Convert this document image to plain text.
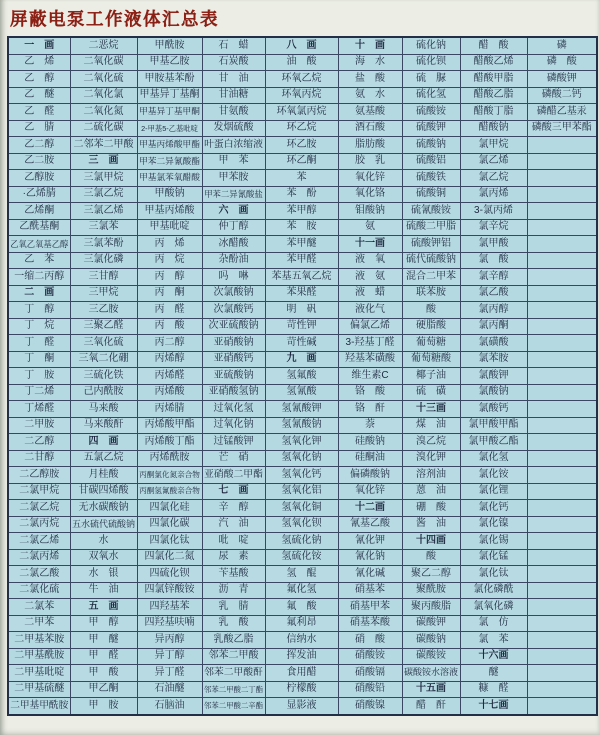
屏蔽电泵工作液体汇总表
一　画	二恶烷	甲酰胺	石　蜡	八　画	十　画	硫化钠	醋　酸	磷
乙　烯	二氧化碳	甲基乙胺	石炭酸	油　酸	海　水	硫化钡	醋酸乙烯	磷　酸
乙　醇	二氧化硫	甲胺基苯酚	甘　油	环氧乙烷	盐　酸	硫　脲	醋酸甲脂	磷酸钾
乙　醚	二氧化氯	甲基异丁基酮	甘油糖	环氧丙烷	氨　水	硫化氢	醋酸乙脂	磷酸二钙
乙　醛	二氧化氮	甲基异丁基甲酮	甘氨酸	环氧氯丙烷	氨基酸	硫酸铵	醋酸丁脂	磷醋乙基汞
乙　腈	二硫化碳	2-甲基5-乙基吡啶	发烟硫酸	环乙烷	酒石酸	硫酸钾	醋酸钠	磷酸三甲苯酯
乙二醇	二邻苯二甲酸	甲基丙烯酸甲酯	叶蛋白浓缩液	环乙胺	脂肪酸	硫酸钠	氯甲烷	
乙二胺	三　画	甲苯二异氰酸酯	甲　苯	环乙酮	胶　乳	硫酸铝	氯乙烯	
乙醇胺	三氯甲烷	甲基氯苯氧醋酸	甲苯胺	苯	氧化锌	硫酸铁	氯乙烷	
·乙烯腈	三氯乙烷	甲酸钠	甲苯二异氰酸盐	苯　酚	氧化铬	硫酸铜	氯丙烯	
乙烯酮	三氯乙烯	甲基丙烯酸	六　画	苯甲醇	钼酸钠	硫氰酸铵	3-氯丙烯	
乙酰基酮	三氯苯	甲基吡啶	仲丁醇	苯　胺	氨	硫酸二甲脂	氯辛烷	
乙氧乙氧基乙醇	三氯苯酚	丙　烯	冰醋酸	苯甲醚	十一画	硫酸钾铝	氯甲酸	
乙　苯	三氯化磷	丙　烷	杂酚油	苯甲醛	液　氧	硫代硫酸钠	氯　酸	
一缩二丙醇	三甘醇	丙　醇	吗　啉	苯基五氧乙烷	液　氨	混合二甲苯	氯辛醇	
二　画	三甲烷	丙　酮	次氯酸钠	苯果醛	液　蜡	联苯胺	氯乙酸	
丁　醇	三乙胺	丙　醛	次氯酸钙	明　矾	液化气	酸	氯丙醇	
丁　烷	三聚乙醛	丙　酸	次亚硫酸钠	苛性钾	偏氯乙烯	硬脂酸	氯丙酮	
丁　醛	三氧化硫	丙二醇	亚硝酸钠	苛性碱	3-羟基丁醛	葡萄糖	氯磺酸	
丁　酮	三氧二化硼	丙烯醇	亚硝酸钙	九　画	羟基苯磺酸	葡萄糖酸	氯苯胺	
丁　胺	三硫化铁	丙烯醛	亚硫酸钠	氢氟酸	维生素C	椰子油	氯酸钾	
丁二烯	己内酰胺	丙烯酸	亚硝酸氢钠	氢氰酸	铬　酸	硫　磺	氯酸钠	
丁烯醛	马来酸	丙烯腈	过氧化氢	氢氰酸钾	铬　酐	十三画	氯酸钙	
二甲胺	马来酸酐	丙烯酸甲酯	过氧化钠	氢氰酸钠	萘	煤　油	氯甲酸甲酯	
二乙醇	四　画	丙烯酸丁酯	过锰酸钾	氢氧化钾	硅酸钠	溴乙烷	氯甲酸乙酯	
二甘醇	五氯乙烷	丙烯酰胺	芒　硝	氢氧化钠	硅酮油	溴化钾	氯化氢	
二乙醇胺	月桂酸	丙酮氯化氮亲合物	亚硝酸二甲酯	氢氧化钙	偏磷酸钠	溶剂油	氯化铵	
二氯甲烷	甘碳四烯酸	丙酮氢氰酸亲合物	七　画	氢氧化铝	氧化锌	蒽　油	氯化锂	
二氯乙烷	无水碳酸钠	四氯化硅	辛　醇	氢氧化铜	十二画	硼　酸	氯化钙	
二氯丙烷	五水硫代硫酸钠	四氯化碳	汽　油	氢氧化钡	氰基乙酸	酱　油	氯化镍	
二氯乙烯	水	四氯化钛	吡　啶	氢硫化钠	氰化钾	十四画	氯化锡	
二氯丙烯	双氧水	四氯化二氮	尿　素	氢硫化铵	氰化钠	酸	氯化锰	
二氯乙酸	水　银	四硫化钡	苄基酸	氢　醌	氰化碱	聚乙二醇	氯化钛	
二氯化硫	牛　油	四氯锌酸铵	沥　青	氟化氢	硝基苯	聚酰胺	氯化磷酰	
二氯苯	五　画	四羟基苯	乳　腈	氟　酸	硝基甲苯	聚丙酸脂	氯氧化磷	
二甲苯	甲　醇	四羟基呋喃	乳　酸	氟利昂	硝基苯酸	碳酸钾	氯　仿	
二甲基苯胺	甲　醚	异丙醇	乳酸乙脂	信纳水	硝　酸	碳酸钠	氯　苯	
二甲基酰胺	甲　醛	异丁醇	邻苯二甲酸	挥发油	硝酸铵	碳酸铵	十六画	
二甲基吡啶	甲　酸	异丁醛	邻苯二甲酸酐	食用醋	硝酸镉	碳酸铵水溶液	醚	
二甲基硫醚	甲乙酮	石油醚	邻苯二甲酸二丁酯	柠檬酸	硝酸铅	十五画	糠　醛	
二甲基甲酰胺	甲　胺	石脑油	邻苯二甲酸二辛酯	显影液	硝酸镍	醋　酐	十七画	
